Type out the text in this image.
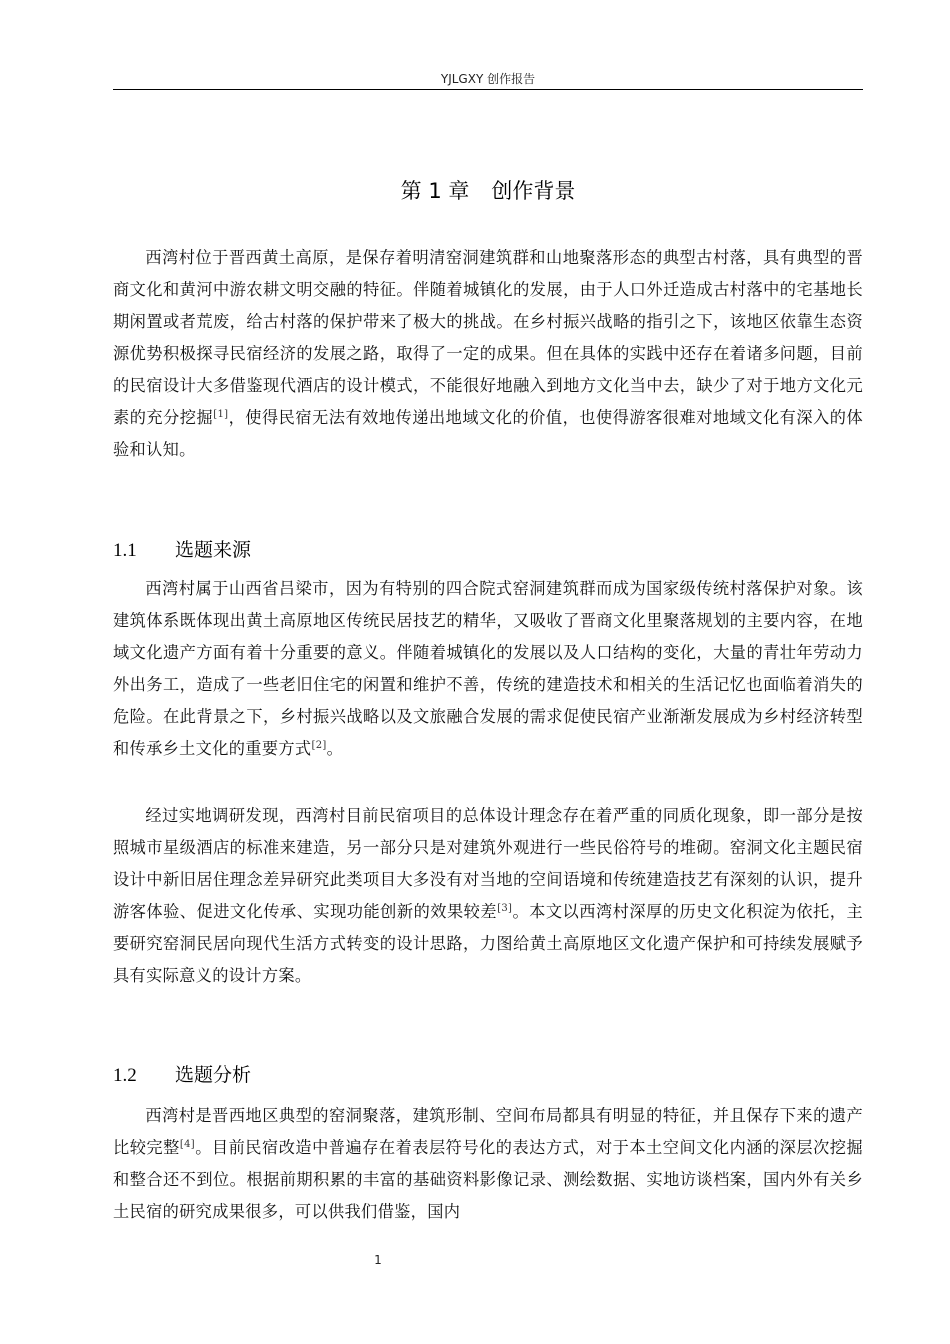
YJLGXY 创作报告
第 1 章 创作背景

西湾村位于晋西黄土高原，是保存着明清窑洞建筑群和山地聚落形态的典型古村落，具有典型的晋商文化和黄河中游农耕文明交融的特征。伴随着城镇化的发展，由于人口外迁造成古村落中的宅基地长期闲置或者荒废，给古村落的保护带来了极大的挑战。在乡村振兴战略的指引之下，该地区依靠生态资源优势积极探寻民宿经济的发展之路，取得了一定的成果。但在具体的实践中还存在着诸多问题，目前的民宿设计大多借鉴现代酒店的设计模式，不能很好地融入到地方文化当中去，缺少了对于地方文化元素的充分挖掘[1]，使得民宿无法有效地传递出地域文化的价值，也使得游客很难对地域文化有深入的体验和认知。

1.1 选题来源

西湾村属于山西省吕梁市，因为有特别的四合院式窑洞建筑群而成为国家级传统村落保护对象。该建筑体系既体现出黄土高原地区传统民居技艺的精华，又吸收了晋商文化里聚落规划的主要内容，在地域文化遗产方面有着十分重要的意义。伴随着城镇化的发展以及人口结构的变化，大量的青壮年劳动力外出务工，造成了一些老旧住宅的闲置和维护不善，传统的建造技术和相关的生活记忆也面临着消失的危险。在此背景之下，乡村振兴战略以及文旅融合发展的需求促使民宿产业渐渐发展成为乡村经济转型和传承乡土文化的重要方式[2]。

经过实地调研发现，西湾村目前民宿项目的总体设计理念存在着严重的同质化现象，即一部分是按照城市星级酒店的标准来建造，另一部分只是对建筑外观进行一些民俗符号的堆砌。窑洞文化主题民宿设计中新旧居住理念差异研究此类项目大多没有对当地的空间语境和传统建造技艺有深刻的认识，提升游客体验、促进文化传承、实现功能创新的效果较差[3]。本文以西湾村深厚的历史文化积淀为依托，主要研究窑洞民居向现代生活方式转变的设计思路，力图给黄土高原地区文化遗产保护和可持续发展赋予具有实际意义的设计方案。

1.2 选题分析

西湾村是晋西地区典型的窑洞聚落，建筑形制、空间布局都具有明显的特征，并且保存下来的遗产比较完整[4]。目前民宿改造中普遍存在着表层符号化的表达方式，对于本土空间文化内涵的深层次挖掘和整合还不到位。根据前期积累的丰富的基础资料影像记录、测绘数据、实地访谈档案，国内外有关乡土民宿的研究成果很多，可以供我们借鉴，国内

1
